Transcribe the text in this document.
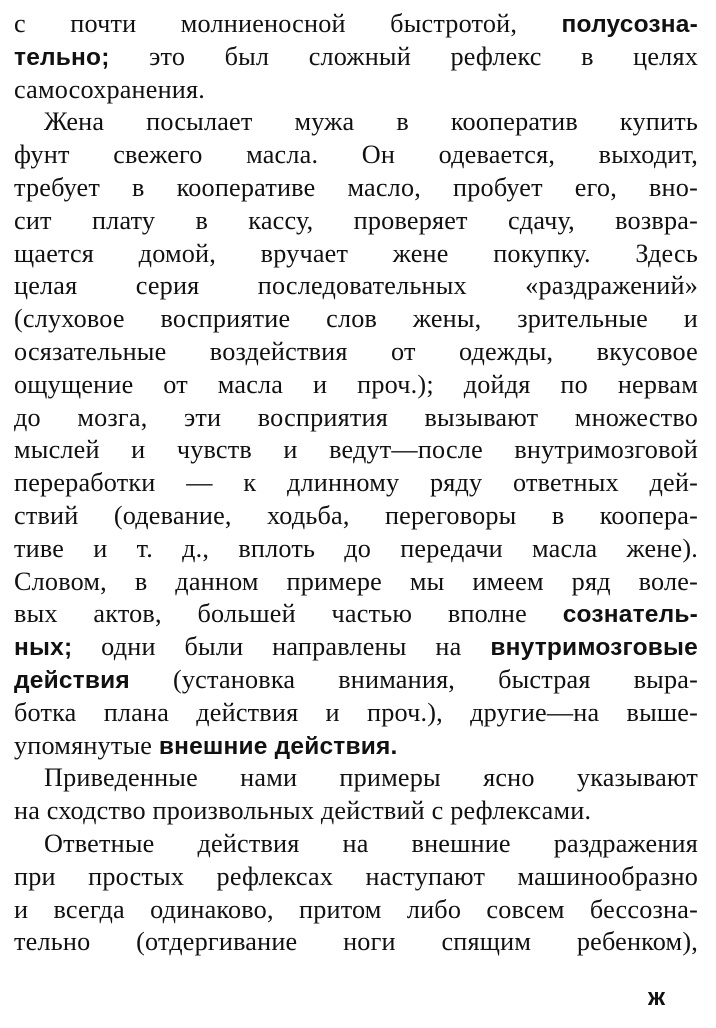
с почти молниеносной быстротой, полусозна-
тельно; это был сложный рефлекс в целях
самосохранения.
Жена посылает мужа в кооператив купить
фунт свежего масла. Он одевается, выходит,
требует в кооперативе масло, пробует его, вно-
сит плату в кассу, проверяет сдачу, возвра-
щается домой, вручает жене покупку. Здесь
целая серия последовательных «раздражений»
(слуховое восприятие слов жены, зрительные и
осязательные воздействия от одежды, вкусовое
ощущение от масла и проч.); дойдя по нервам
до мозга, эти восприятия вызывают множество
мыслей и чувств и ведут—после внутримозговой
переработки — к длинному ряду ответных дей-
ствий (одевание, ходьба, переговоры в коопера-
тиве и т. д., вплоть до передачи масла жене).
Словом, в данном примере мы имеем ряд воле-
вых актов, большей частью вполне сознатель-
ных; одни были направлены на внутримозговые
действия (установка внимания, быстрая выра-
ботка плана действия и проч.), другие—на выше-
упомянутые внешние действия.
Приведенные нами примеры ясно указывают
на сходство произвольных действий с рефлексами.
Ответные действия на внешние раздражения
при простых рефлексах наступают машинообразно
и всегда одинаково, притом либо совсем бессозна-
тельно (отдергивание ноги спящим ребенком),
ж
